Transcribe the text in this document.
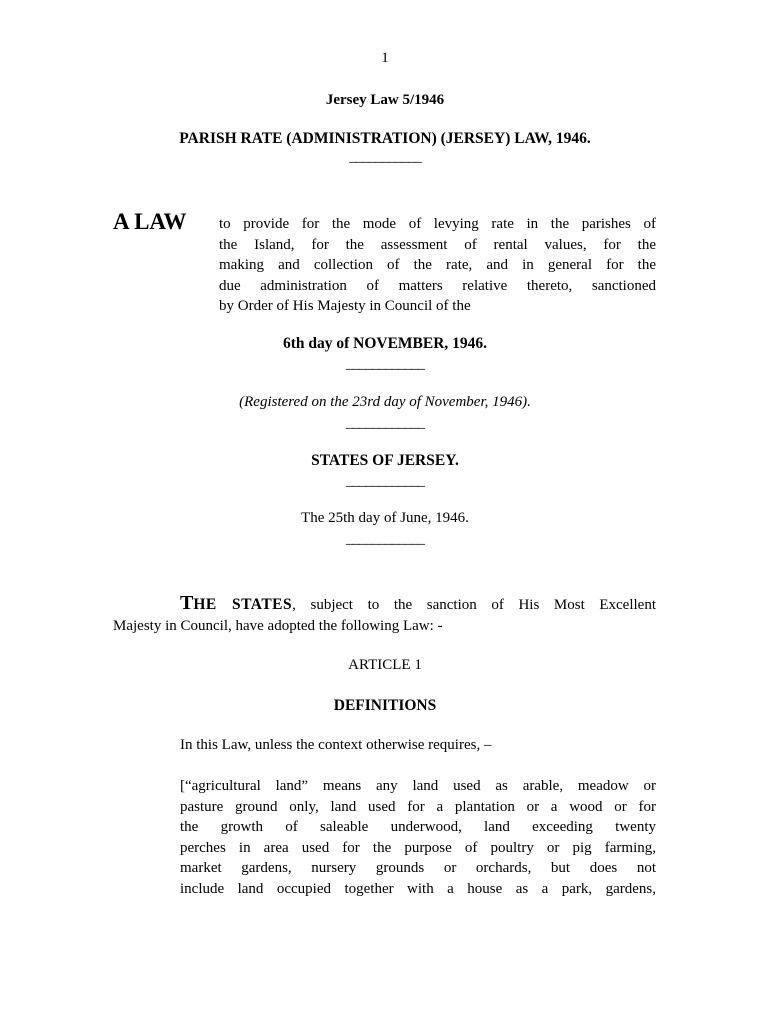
1
Jersey Law 5/1946
PARISH RATE (ADMINISTRATION) (JERSEY) LAW, 1946.
___________
A LAW to provide for the mode of levying rate in the parishes of
the Island, for the assessment of rental values, for the
making and collection of the rate, and in general for the
due administration of matters relative thereto, sanctioned
by Order of His Majesty in Council of the
6th day of NOVEMBER, 1946.
____________
(Registered on the 23rd day of November, 1946).
____________
STATES OF JERSEY.
____________
The 25th day of June, 1946.
____________
THE STATES, subject to the sanction of His Most Excellent
Majesty in Council, have adopted the following Law: -
ARTICLE 1
DEFINITIONS
In this Law, unless the context otherwise requires, –
[“agricultural land” means any land used as arable, meadow or
pasture ground only, land used for a plantation or a wood or for
the growth of saleable underwood, land exceeding twenty
perches in area used for the purpose of poultry or pig farming,
market gardens, nursery grounds or orchards, but does not
include land occupied together with a house as a park, gardens,
